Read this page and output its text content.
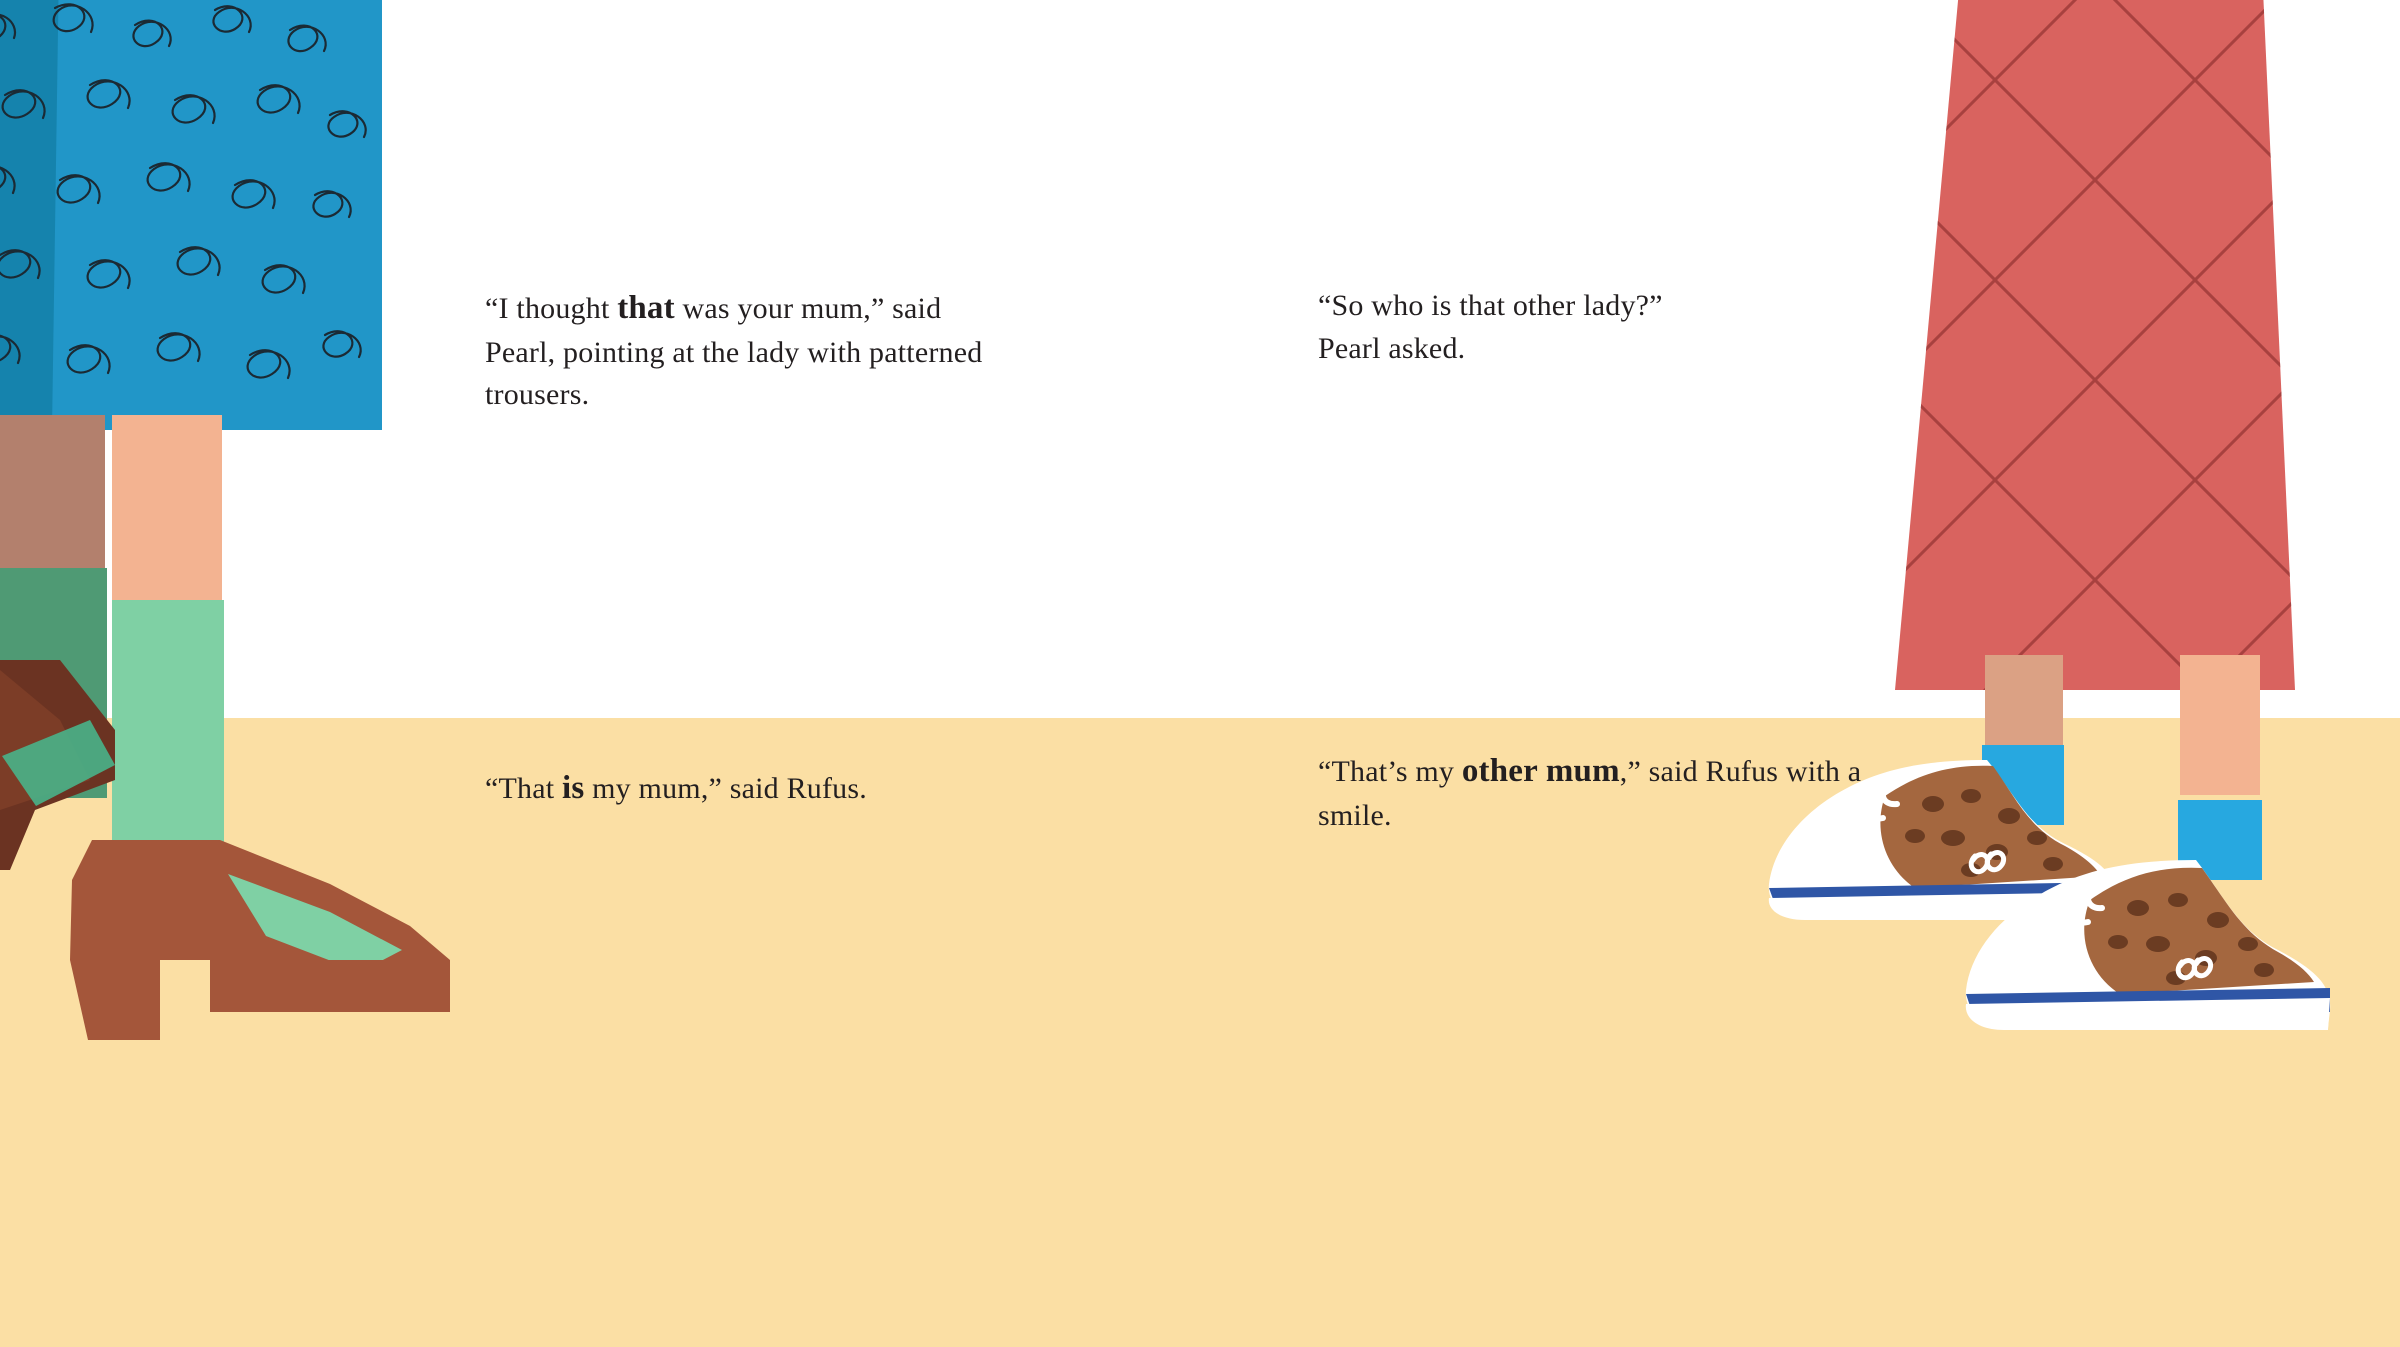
“I thought that was your mum,” said Pearl, pointing at the lady with patterned trousers.
“So who is that other lady?”
Pearl asked.
“That is my mum,” said Rufus.
“That’s my other mum,” said Rufus with a smile.
